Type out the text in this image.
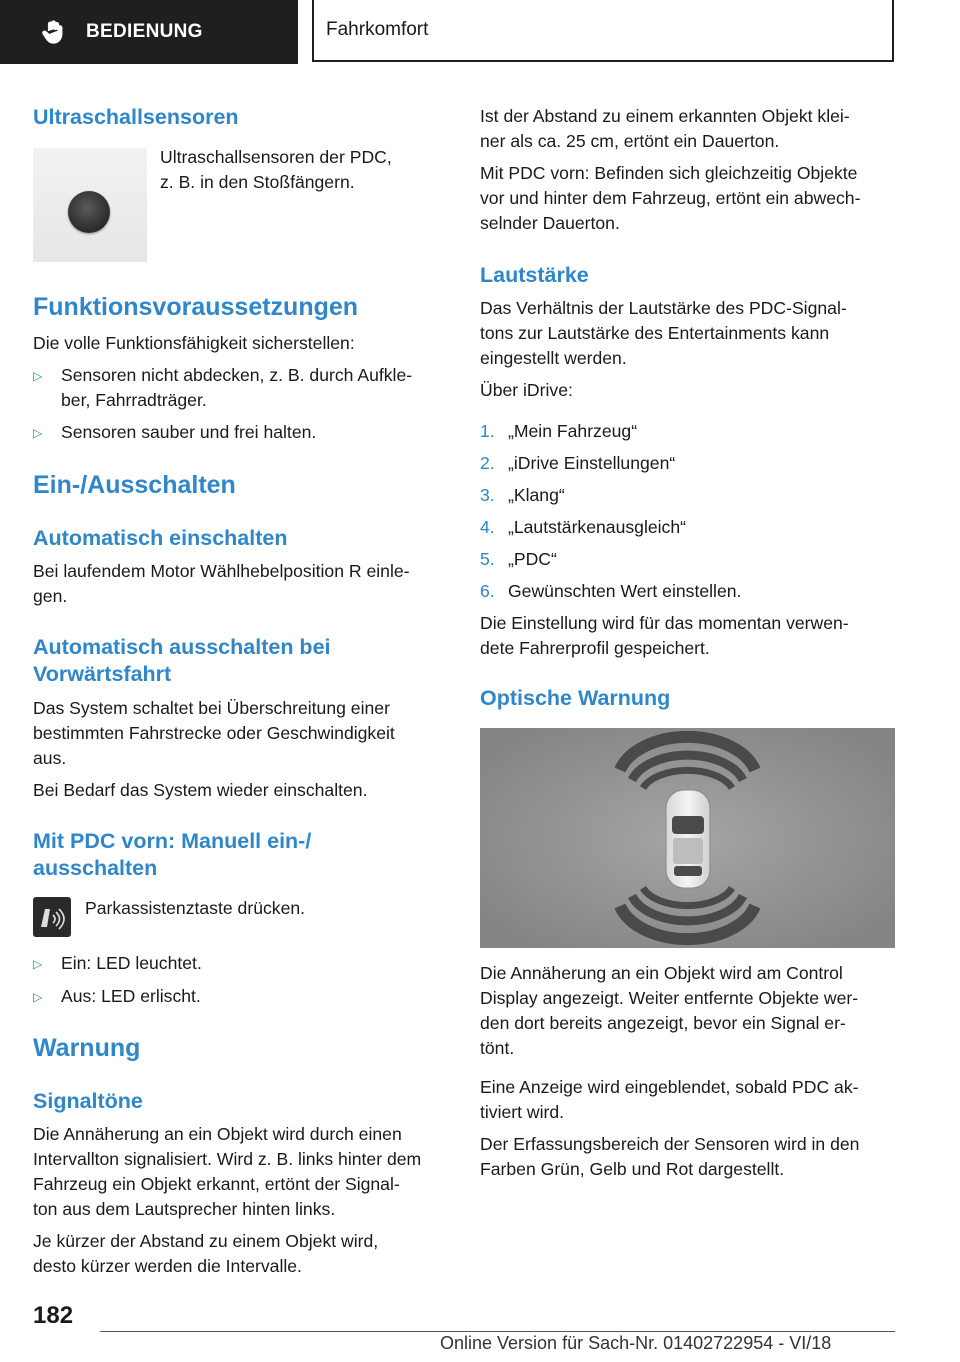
BEDIENUNG	Fahrkomfort
Ultraschallsensoren
Ultraschallsensoren der PDC,
z. B. in den Stoßfängern.
Funktionsvoraussetzungen
Die volle Funktionsfähigkeit sicherstellen:
▷	Sensoren nicht abdecken, z. B. durch Aufkle-
ber, Fahrradträger.
▷	Sensoren sauber und frei halten.
Ein-/Ausschalten
Automatisch einschalten
Bei laufendem Motor Wählhebelposition R einle-
gen.
Automatisch ausschalten bei
Vorwärtsfahrt
Das System schaltet bei Überschreitung einer
bestimmten Fahrstrecke oder Geschwindigkeit
aus.
Bei Bedarf das System wieder einschalten.
Mit PDC vorn: Manuell ein-/
ausschalten
Parkassistenztaste drücken.
▷	Ein: LED leuchtet.
▷	Aus: LED erlischt.
Warnung
Signaltöne
Die Annäherung an ein Objekt wird durch einen
Intervallton signalisiert. Wird z. B. links hinter dem
Fahrzeug ein Objekt erkannt, ertönt der Signal-
ton aus dem Lautsprecher hinten links.
Je kürzer der Abstand zu einem Objekt wird,
desto kürzer werden die Intervalle.
Ist der Abstand zu einem erkannten Objekt klei-
ner als ca. 25 cm, ertönt ein Dauerton.
Mit PDC vorn: Befinden sich gleichzeitig Objekte
vor und hinter dem Fahrzeug, ertönt ein abwech-
selnder Dauerton.
Lautstärke
Das Verhältnis der Lautstärke des PDC-Signal-
tons zur Lautstärke des Entertainments kann
eingestellt werden.
Über iDrive:
1. „Mein Fahrzeug“
2. „iDrive Einstellungen“
3. „Klang“
4. „Lautstärkenausgleich“
5. „PDC“
6. Gewünschten Wert einstellen.
Die Einstellung wird für das momentan verwen-
dete Fahrerprofil gespeichert.
Optische Warnung
Die Annäherung an ein Objekt wird am Control
Display angezeigt. Weiter entfernte Objekte wer-
den dort bereits angezeigt, bevor ein Signal er-
tönt.
Eine Anzeige wird eingeblendet, sobald PDC ak-
tiviert wird.
Der Erfassungsbereich der Sensoren wird in den
Farben Grün, Gelb und Rot dargestellt.
182
Online Version für Sach-Nr. 01402722954 - VI/18
